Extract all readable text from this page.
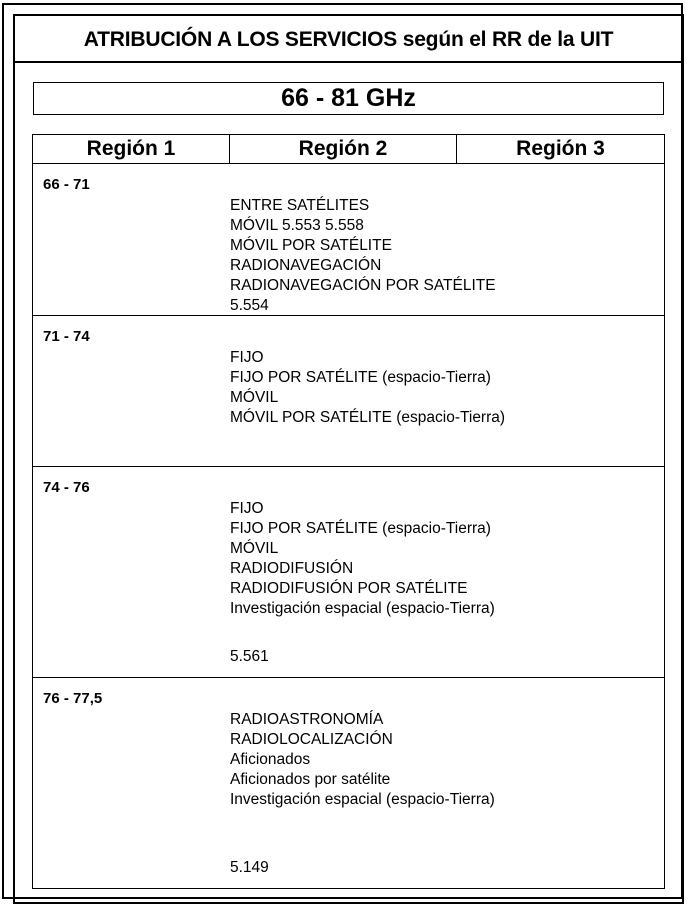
ATRIBUCIÓN A LOS SERVICIOS según el RR de la UIT
66 - 81 GHz
Región 1	Región 2	Región 3
66 - 71
ENTRE SATÉLITES
MÓVIL 5.553 5.558
MÓVIL POR SATÉLITE
RADIONAVEGACIÓN
RADIONAVEGACIÓN POR SATÉLITE
5.554
71 - 74
FIJO
FIJO POR SATÉLITE (espacio-Tierra)
MÓVIL
MÓVIL POR SATÉLITE (espacio-Tierra)
74 - 76
FIJO
FIJO POR SATÉLITE (espacio-Tierra)
MÓVIL
RADIODIFUSIÓN
RADIODIFUSIÓN POR SATÉLITE
Investigación espacial (espacio-Tierra)
5.561
76 - 77,5
RADIOASTRONOMÍA
RADIOLOCALIZACIÓN
Aficionados
Aficionados por satélite
Investigación espacial (espacio-Tierra)
5.149
